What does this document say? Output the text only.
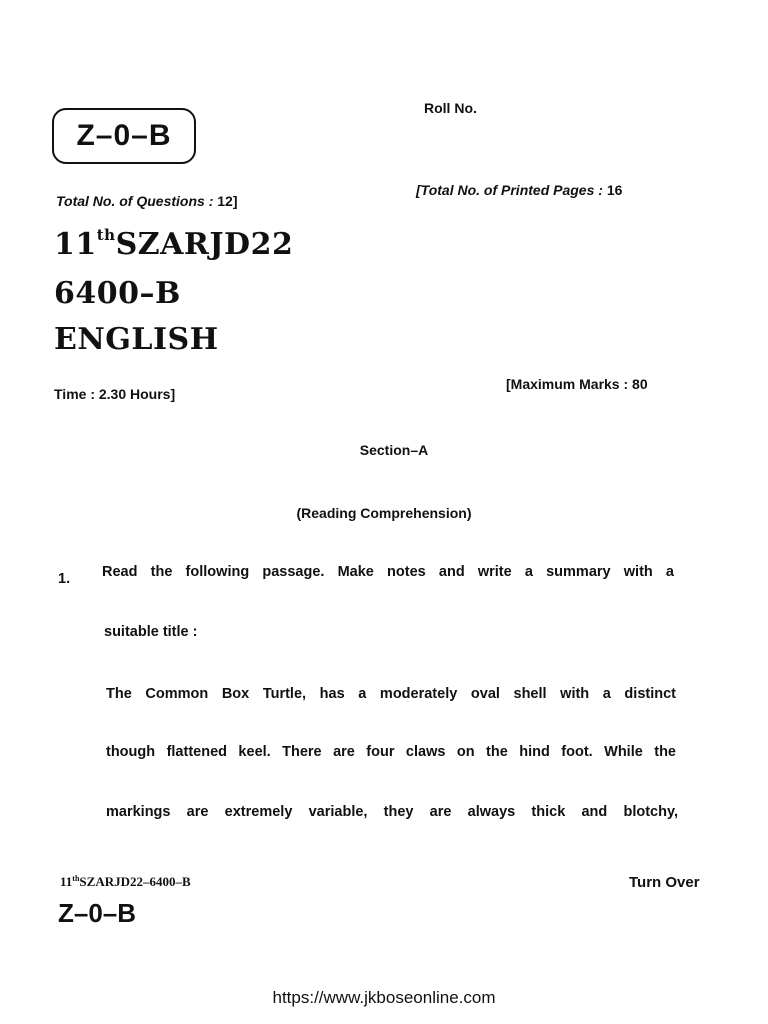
Z–0–B
Roll No.
Total No. of Questions : 12]
[Total No. of Printed Pages : 16
11thSZARJD22
6400–B
ENGLISH
Time : 2.30 Hours]
[Maximum Marks : 80
Section–A
(Reading Comprehension)
1. Read the following passage. Make notes and write a summary with a
suitable title :
The Common Box Turtle, has a moderately oval shell with a distinct
though flattened keel. There are four claws on the hind foot. While the
markings are extremely variable, they are always thick and blotchy,
11thSZARJD22–6400–B
Z–0–B
Turn Over
https://www.jkboseonline.com
